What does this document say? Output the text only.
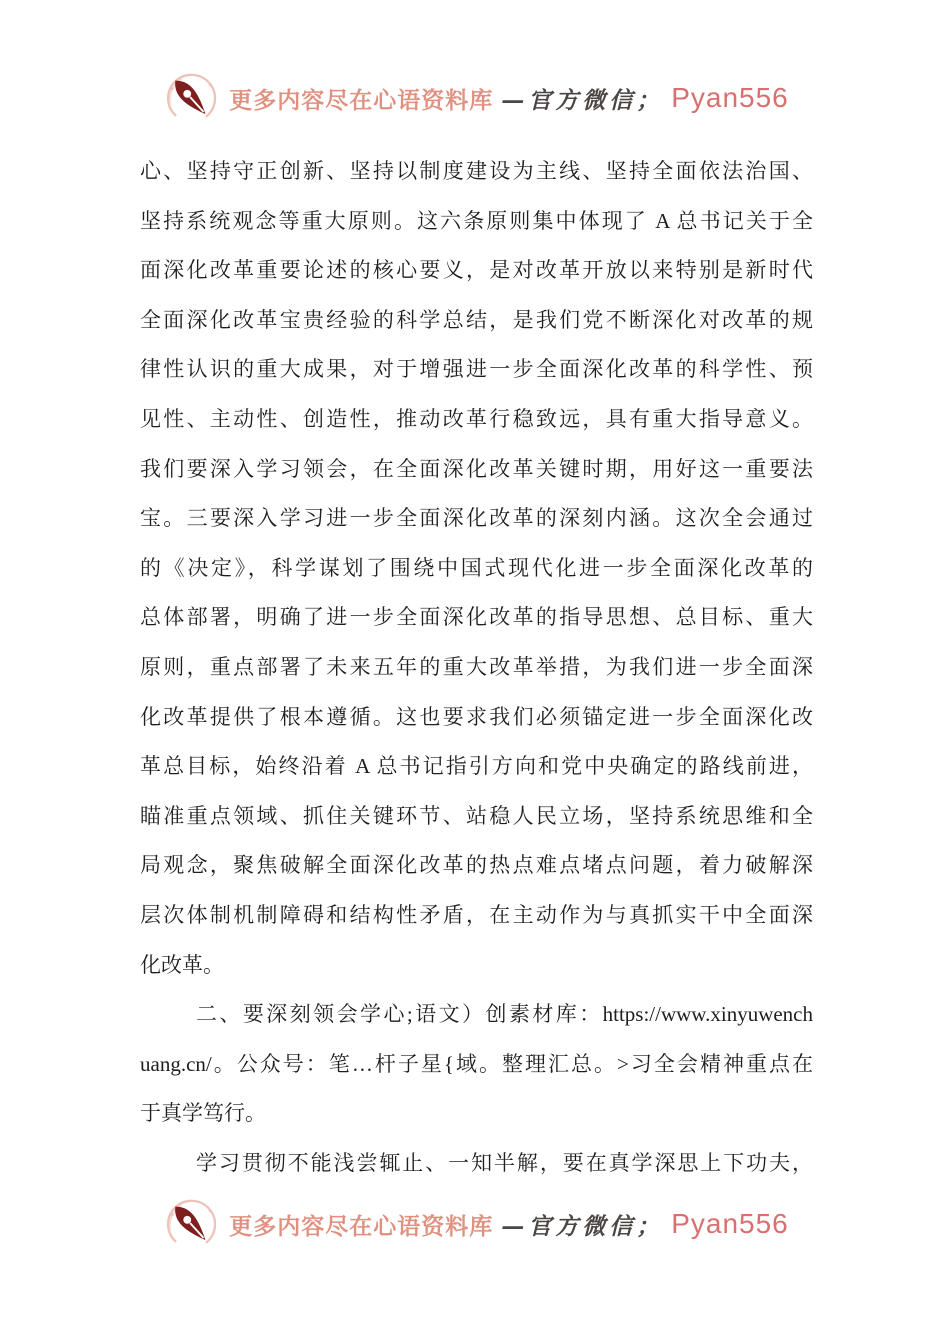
更多内容尽在心语资料库 —官方微信； Pyan556
心、坚持守正创新、坚持以制度建设为主线、坚持全面依法治国、
坚持系统观念等重大原则。这六条原则集中体现了 A 总书记关于全
面深化改革重要论述的核心要义，是对改革开放以来特别是新时代
全面深化改革宝贵经验的科学总结，是我们党不断深化对改革的规
律性认识的重大成果，对于增强进一步全面深化改革的科学性、预
见性、主动性、创造性，推动改革行稳致远，具有重大指导意义。
我们要深入学习领会，在全面深化改革关键时期，用好这一重要法
宝。三要深入学习进一步全面深化改革的深刻内涵。这次全会通过
的《决定》，科学谋划了围绕中国式现代化进一步全面深化改革的
总体部署，明确了进一步全面深化改革的指导思想、总目标、重大
原则，重点部署了未来五年的重大改革举措，为我们进一步全面深
化改革提供了根本遵循。这也要求我们必须锚定进一步全面深化改
革总目标，始终沿着 A 总书记指引方向和党中央确定的路线前进，
瞄准重点领域、抓住关键环节、站稳人民立场，坚持系统思维和全
局观念，聚焦破解全面深化改革的热点难点堵点问题，着力破解深
层次体制机制障碍和结构性矛盾，在主动作为与真抓实干中全面深
化改革。
二、要深刻领会学心;语文）创素材库：https://www.xinyuwench
uang.cn/。公众号：笔…杆子星{域。整理汇总。>习全会精神重点在
于真学笃行。
学习贯彻不能浅尝辄止、一知半解，要在真学深思上下功夫，
更多内容尽在心语资料库 —官方微信； Pyan556
